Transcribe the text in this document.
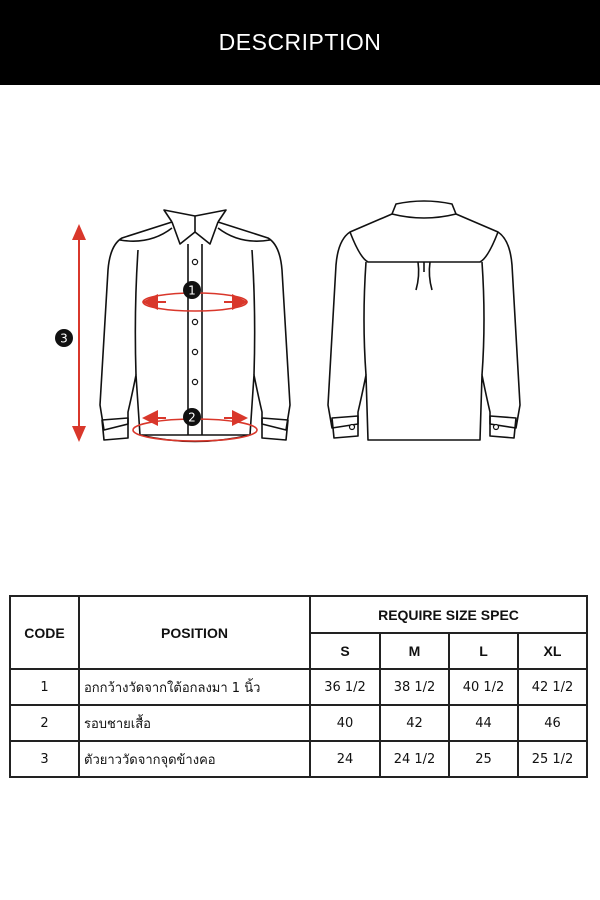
DESCRIPTION
1
2
3
CODE	POSITION	REQUIRE SIZE SPEC			
		S	M	L	XL
1	อกกว้างวัดจากใต้อกลงมา 1 นิ้ว	36 1/2	38 1/2	40 1/2	42 1/2
2	รอบชายเสื้อ	40	42	44	46
3	ตัวยาววัดจากจุดข้างคอ	24	24 1/2	25	25 1/2
